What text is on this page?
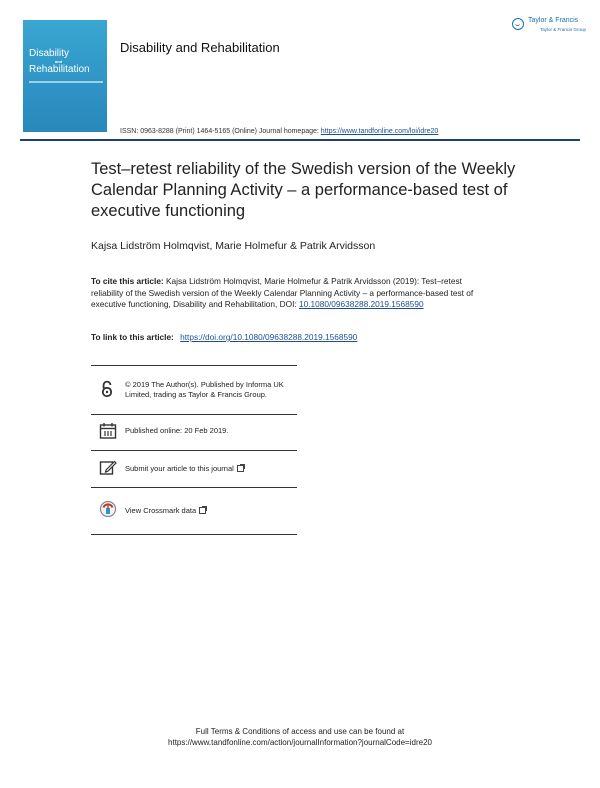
Disability
and
Rehabilitation
Disability and Rehabilitation
Taylor & Francis
Taylor & Francis Group
ISSN: 0963-8288 (Print) 1464-5165 (Online) Journal homepage: https://www.tandfonline.com/loi/idre20
Test–retest reliability of the Swedish version of the Weekly Calendar Planning Activity – a performance-based test of executive functioning
Kajsa Lidström Holmqvist, Marie Holmefur & Patrik Arvidsson
To cite this article: Kajsa Lidström Holmqvist, Marie Holmefur & Patrik Arvidsson (2019): Test–retest reliability of the Swedish version of the Weekly Calendar Planning Activity – a performance-based test of executive functioning, Disability and Rehabilitation, DOI: 10.1080/09638288.2019.1568590
To link to this article: https://doi.org/10.1080/09638288.2019.1568590
© 2019 The Author(s). Published by Informa UK Limited, trading as Taylor & Francis Group.
Published online: 20 Feb 2019.
Submit your article to this journal
View Crossmark data
Full Terms & Conditions of access and use can be found at
https://www.tandfonline.com/action/journalInformation?journalCode=idre20
